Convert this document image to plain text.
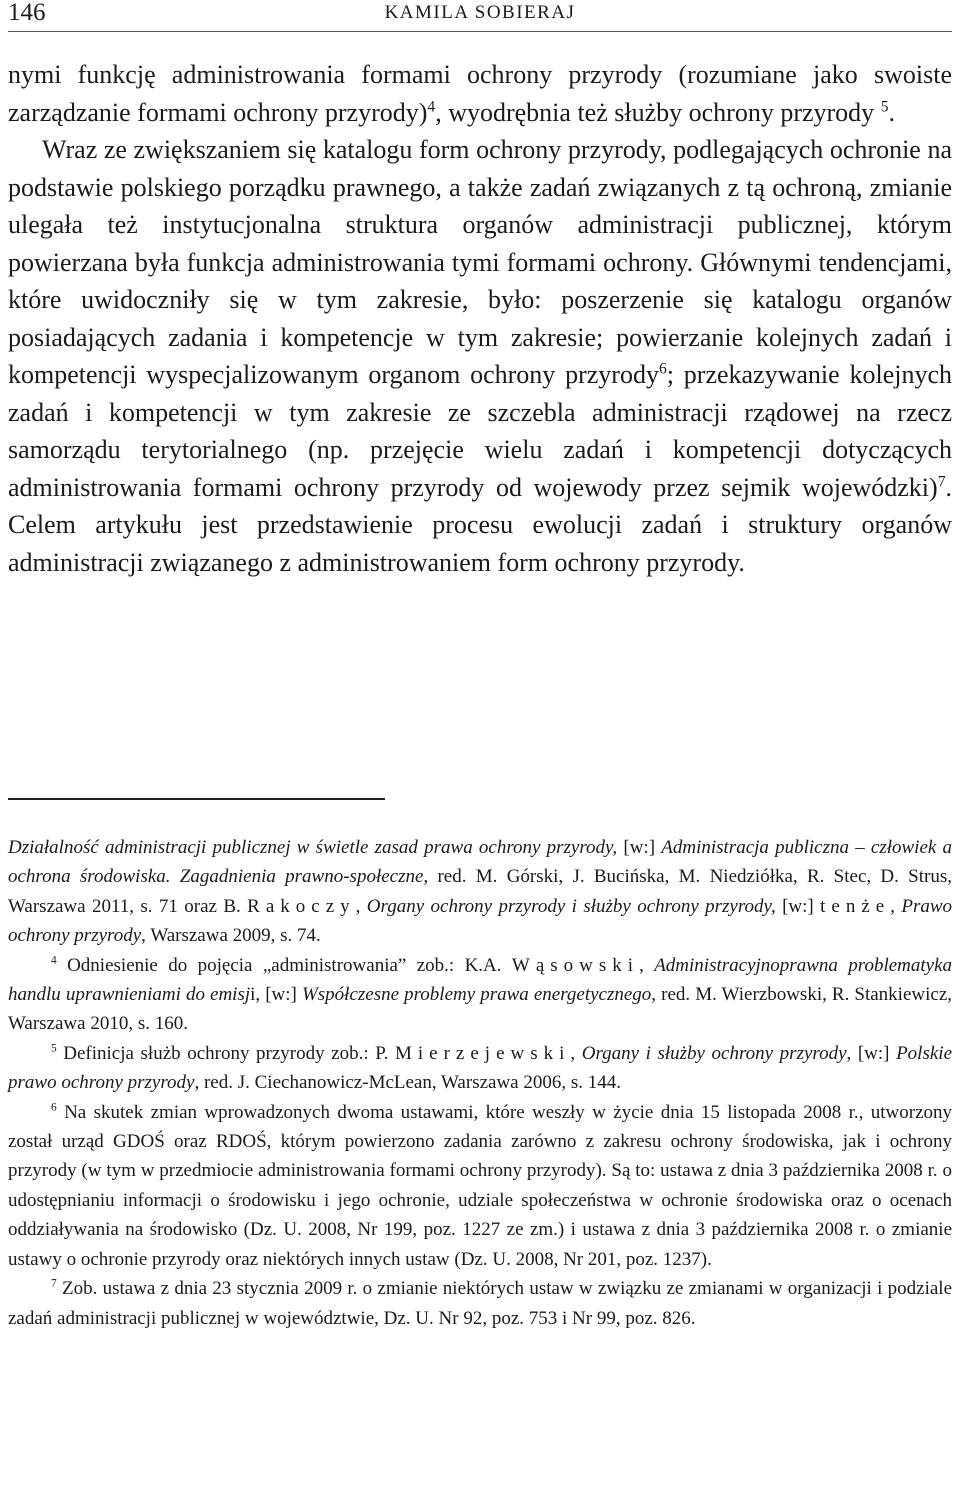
146	KAMILA SOBIERAJ

nymi funkcję administrowania formami ochrony przyrody (rozumiane jako swoiste zarządzanie formami ochrony przyrody)$^4$, wyodrębnia też służby ochrony przyrody $^5$.

Wraz ze zwiększaniem się katalogu form ochrony przyrody, podlegających ochronie na podstawie polskiego porządku prawnego, a także zadań związanych z tą ochroną, zmianie ulegała też instytucjonalna struktura organów administracji publicznej, którym powierzana była funkcja administrowania tymi formami ochrony. Głównymi tendencjami, które uwidoczniły się w tym zakresie, było: poszerzenie się katalogu organów posiadających zadania i kompetencje w tym zakresie; powierzanie kolejnych zadań i kompetencji wyspecjalizowanym organom ochrony przyrody$^6$; przekazywanie kolejnych zadań i kompetencji w tym zakresie ze szczebla administracji rządowej na rzecz samorządu terytorialnego (np. przejęcie wielu zadań i kompetencji dotyczących administrowania formami ochrony przyrody od wojewody przez sejmik wojewódzki)$^7$. Celem artykułu jest przedstawienie procesu ewolucji zadań i struktury organów administracji związanego z administrowaniem form ochrony przyrody.

Działalność administracji publicznej w świetle zasad prawa ochrony przyrody, [w:] Administracja publiczna – człowiek a ochrona środowiska. Zagadnienia prawno-społeczne, red. M. Górski, J. Bucińska, M. Niedziółka, R. Stec, D. Strus, Warszawa 2011, s. 71 oraz B. Rakoczy, Organy ochrony przyrody i służby ochrony przyrody, [w:] tenże, Prawo ochrony przyrody, Warszawa 2009, s. 74.

$^4$ Odniesienie do pojęcia „administrowania” zob.: K.A. Wąsowski, Administracyjnoprawna problematyka handlu uprawnieniami do emisji, [w:] Współczesne problemy prawa energetycznego, red. M. Wierzbowski, R. Stankiewicz, Warszawa 2010, s. 160.

$^5$ Definicja służb ochrony przyrody zob.: P. Mierzejewski, Organy i służby ochrony przyrody, [w:] Polskie prawo ochrony przyrody, red. J. Ciechanowicz-McLean, Warszawa 2006, s. 144.

$^6$ Na skutek zmian wprowadzonych dwoma ustawami, które weszły w życie dnia 15 listopada 2008 r., utworzony został urząd GDOŚ oraz RDOŚ, którym powierzono zadania zarówno z zakresu ochrony środowiska, jak i ochrony przyrody (w tym w przedmiocie administrowania formami ochrony przyrody). Są to: ustawa z dnia 3 października 2008 r. o udostępnianiu informacji o środowisku i jego ochronie, udziale społeczeństwa w ochronie środowiska oraz o ocenach oddziaływania na środowisko (Dz. U. 2008, Nr 199, poz. 1227 ze zm.) i ustawa z dnia 3 października 2008 r. o zmianie ustawy o ochronie przyrody oraz niektórych innych ustaw (Dz. U. 2008, Nr 201, poz. 1237).

$^7$ Zob. ustawa z dnia 23 stycznia 2009 r. o zmianie niektórych ustaw w związku ze zmianami w organizacji i podziale zadań administracji publicznej w województwie, Dz. U. Nr 92, poz. 753 i Nr 99, poz. 826.
